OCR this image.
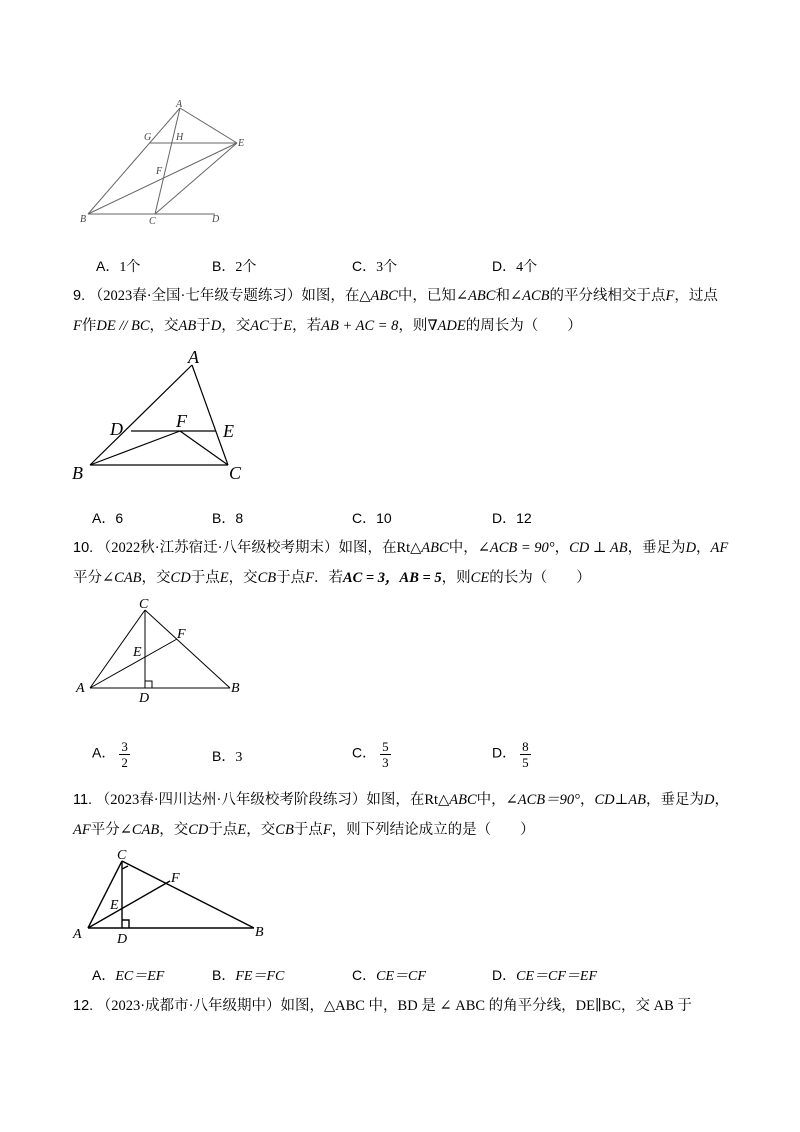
A
G H
E
F
B	C	D
A．1个	B．2个	C．3个	D．4个
9. （2023春·全国·七年级专题练习）如图，在△ABC中，已知∠ABC和∠ACB的平分线相交于点F，过点
F作DE // BC，交AB于D，交AC于E，若AB + AC = 8，则∇ADE的周长为（　　）
A
D	F E
B	C
A．6	B．8	C．10	D．12
10. （2022秋·江苏宿迁·八年级校考期末）如图，在Rt△ABC中，∠ACB = 90°，CD ⊥ AB，垂足为D，AF
平分∠CAB，交CD于点E，交CB于点F．若AC = 3，AB = 5，则CE的长为（　　）
C
F
E
A
D
B
A． $\frac{3}{2}$	B．3	C． $\frac{5}{3}$	D． $\frac{8}{5}$
11. （2023春·四川达州·八年级校考阶段练习）如图，在Rt△ABC中，∠ACB＝90°，CD⊥AB，垂足为D，
AF平分∠CAB，交CD于点E，交CB于点F，则下列结论成立的是（　　）
C
F
E
A	D	B
A．EC＝EF	B．FE＝FC	C．CE＝CF	D．CE＝CF＝EF
12. （2023·成都市·八年级期中）如图，△ABC 中，BD 是 ∠ ABC 的角平分线，DE∥BC，交 AB 于
